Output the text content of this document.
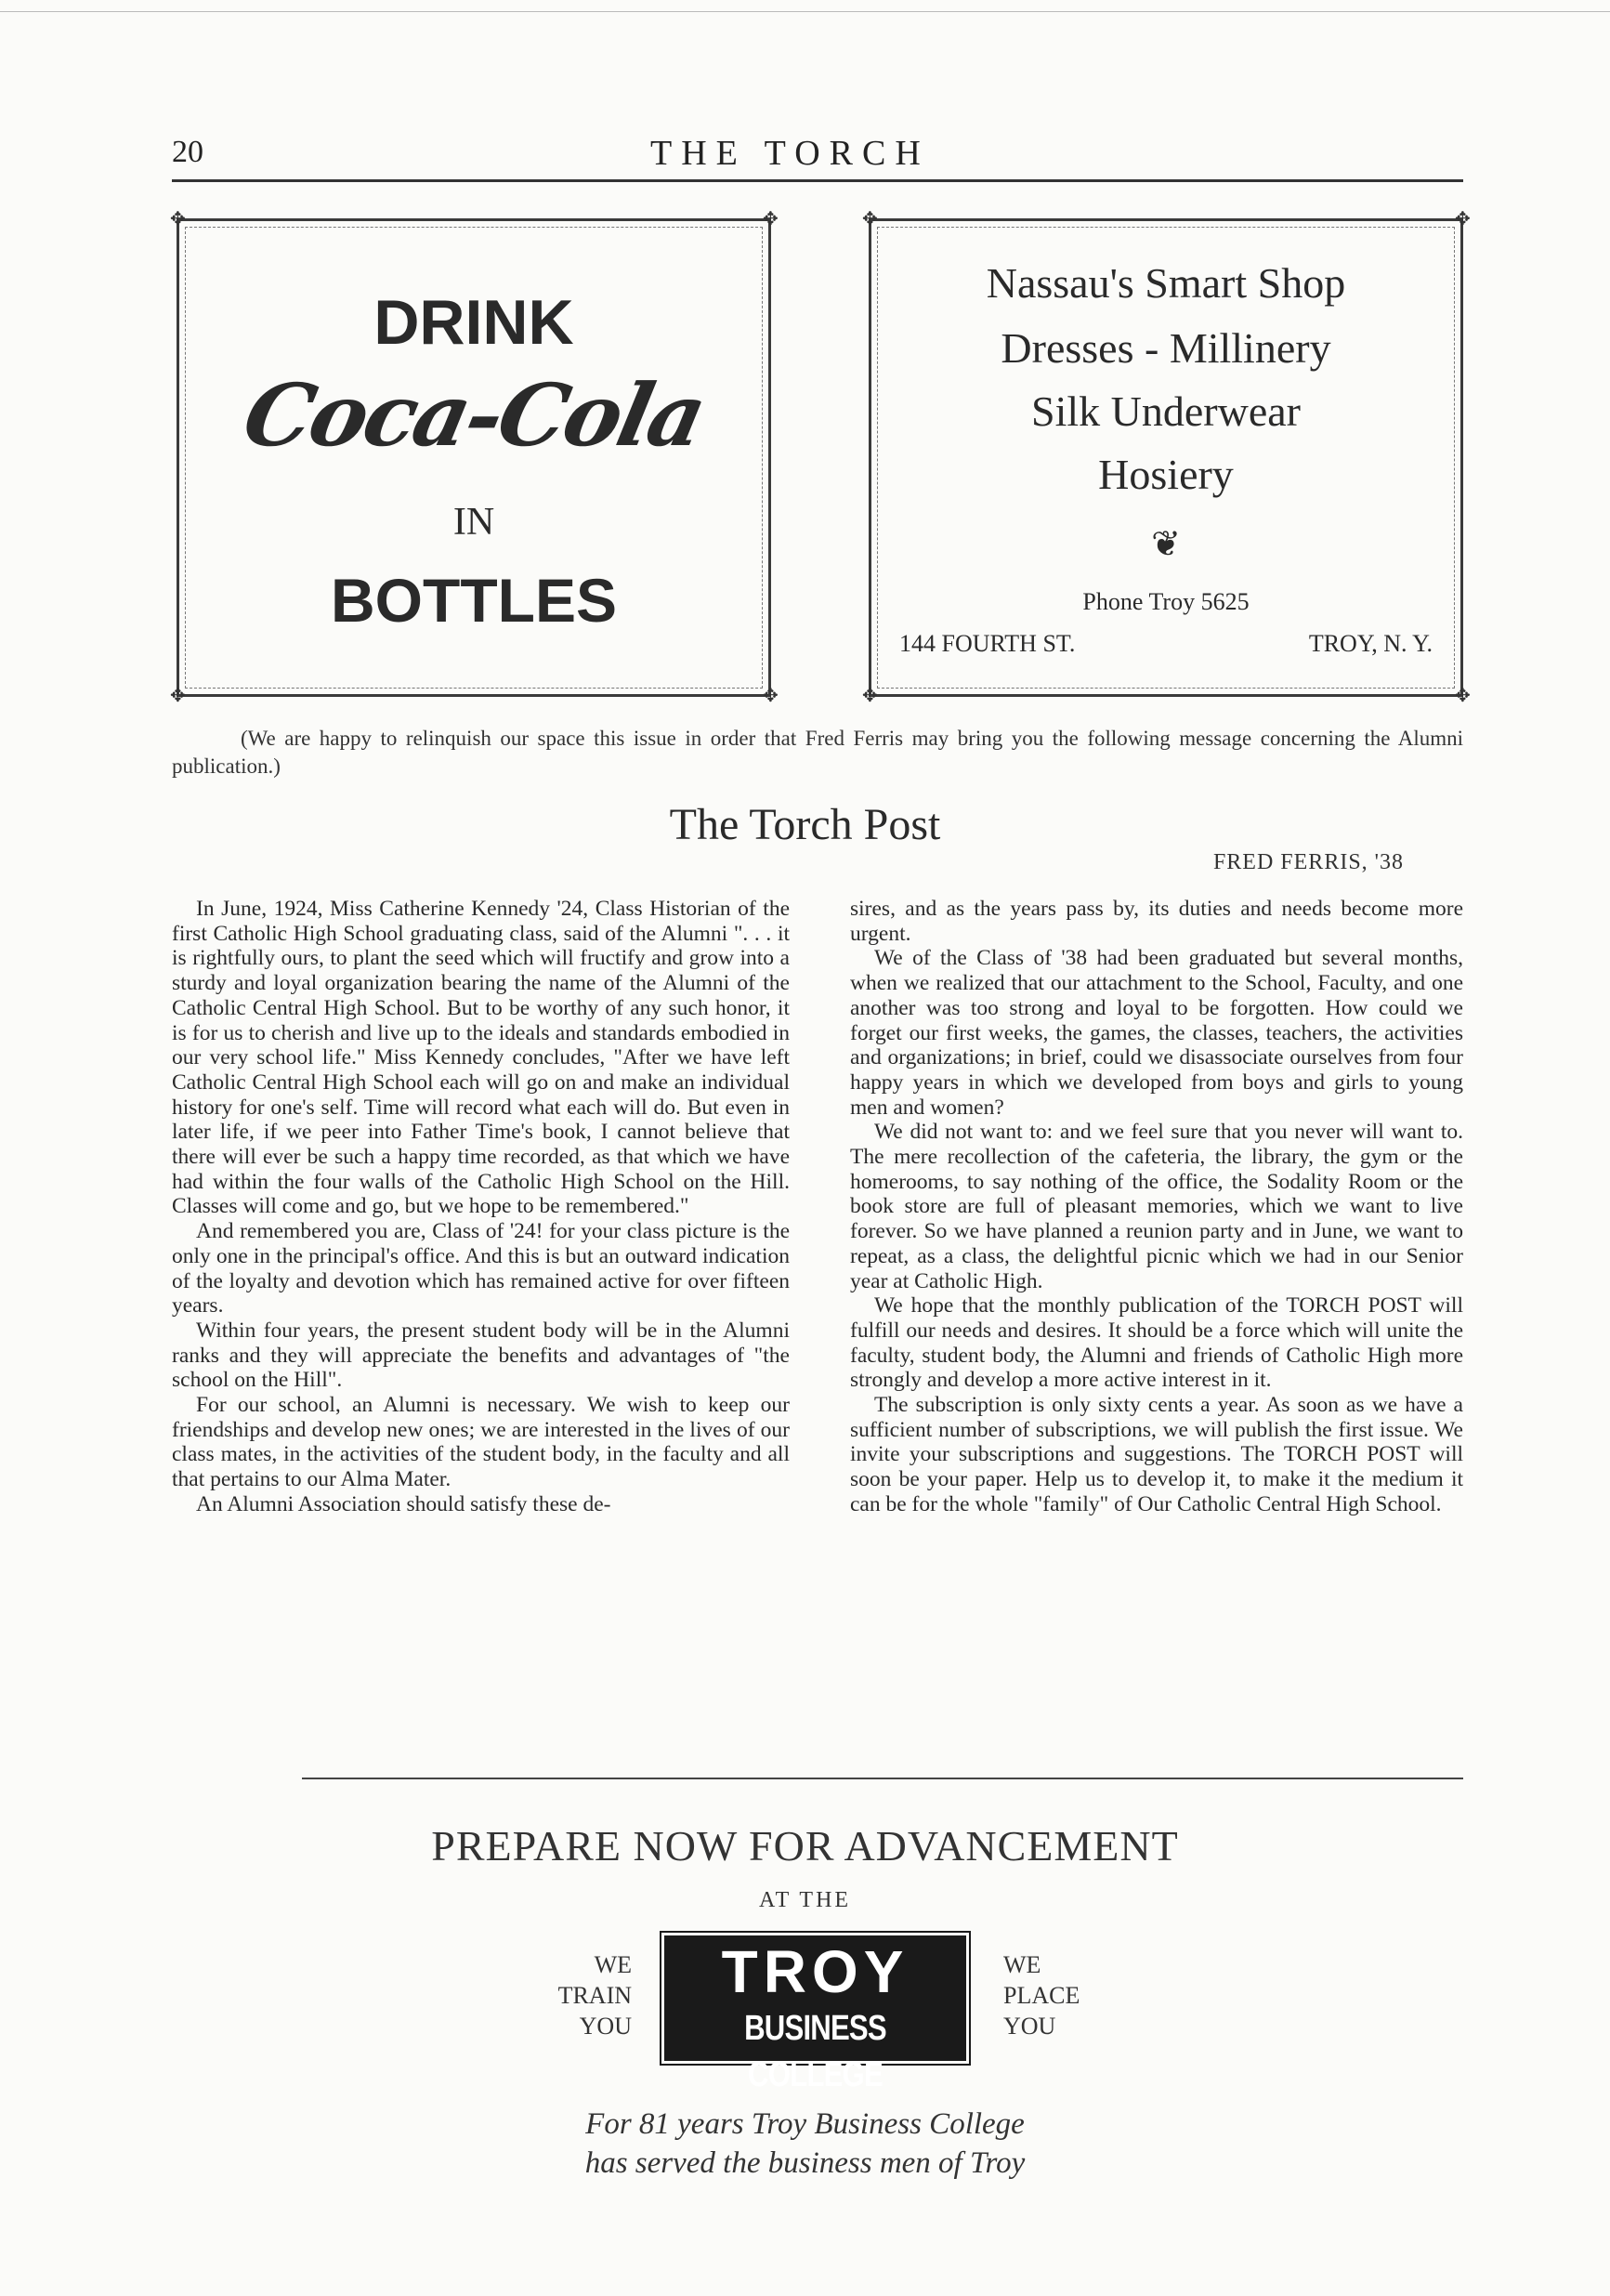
20	THE TORCH
✥	✥
✥	✥
DRINK
Coca-Cola
IN
BOTTLES
✥	✥
✥	✥
Nassau's Smart Shop
Dresses - Millinery
Silk Underwear
Hosiery
❦
Phone Troy 5625
144 FOURTH ST.	TROY, N. Y.
(We are happy to relinquish our space this issue in order that Fred Ferris may bring you the following message concerning the Alumni publication.)
The Torch Post
FRED FERRIS, '38

In June, 1924, Miss Catherine Kennedy '24, Class Historian of the first Catholic High School graduating class, said of the Alumni ". . . it is rightfully ours, to plant the seed which will fructify and grow into a sturdy and loyal organization bearing the name of the Alumni of the Catholic Central High School. But to be worthy of any such honor, it is for us to cherish and live up to the ideals and standards embodied in our very school life." Miss Kennedy concludes, "After we have left Catholic Central High School each will go on and make an individual history for one's self. Time will record what each will do. But even in later life, if we peer into Father Time's book, I cannot believe that there will ever be such a happy time recorded, as that which we have had within the four walls of the Catholic High School on the Hill. Classes will come and go, but we hope to be remembered."

And remembered you are, Class of '24! for your class picture is the only one in the principal's office. And this is but an outward indication of the loyalty and devotion which has remained active for over fifteen years.

Within four years, the present student body will be in the Alumni ranks and they will appreciate the benefits and advantages of "the school on the Hill".

For our school, an Alumni is necessary. We wish to keep our friendships and develop new ones; we are interested in the lives of our class mates, in the activities of the student body, in the faculty and all that pertains to our Alma Mater.

An Alumni Association should satisfy these de-

sires, and as the years pass by, its duties and needs become more urgent.

We of the Class of '38 had been graduated but several months, when we realized that our attachment to the School, Faculty, and one another was too strong and loyal to be forgotten. How could we forget our first weeks, the games, the classes, teachers, the activities and organizations; in brief, could we disassociate ourselves from four happy years in which we developed from boys and girls to young men and women?

We did not want to: and we feel sure that you never will want to. The mere recollection of the cafeteria, the library, the gym or the homerooms, to say nothing of the office, the Sodality Room or the book store are full of pleasant memories, which we want to live forever. So we have planned a reunion party and in June, we want to repeat, as a class, the delightful picnic which we had in our Senior year at Catholic High.

We hope that the monthly publication of the TORCH POST will fulfill our needs and desires. It should be a force which will unite the faculty, student body, the Alumni and friends of Catholic High more strongly and develop a more active interest in it.

The subscription is only sixty cents a year. As soon as we have a sufficient number of subscriptions, we will publish the first issue. We invite your subscriptions and suggestions. The TORCH POST will soon be your paper. Help us to develop it, to make it the medium it can be for the whole "family" of Our Catholic Central High School.

PREPARE NOW FOR ADVANCEMENT
AT THE
WE
TRAIN
YOU
TROY
BUSINESS COLLEGE
WE
PLACE
YOU
For 81 years Troy Business College
has served the business men of Troy
